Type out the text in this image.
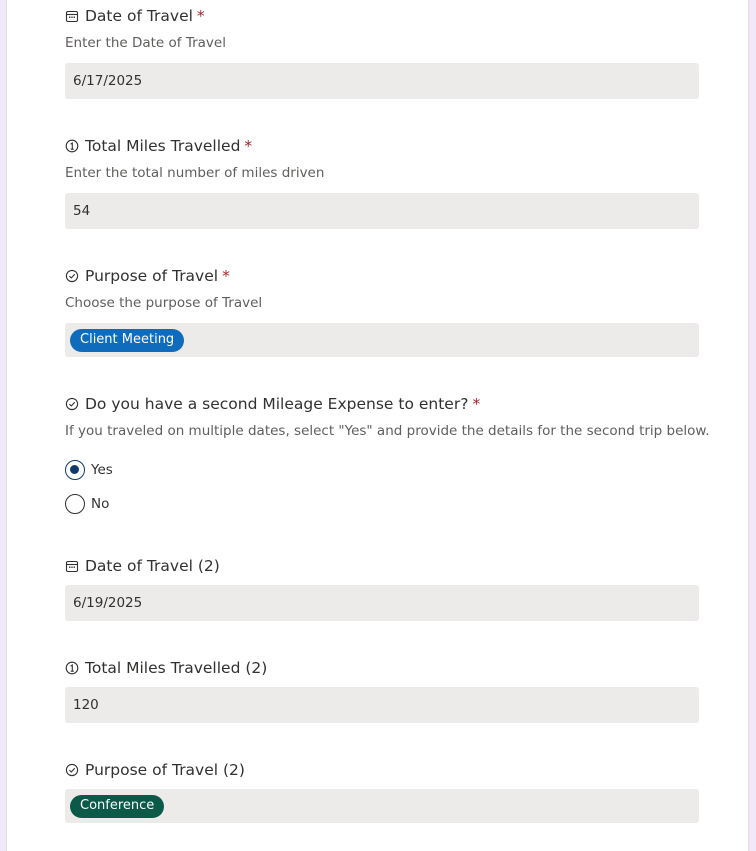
Date of Travel *
Enter the Date of Travel
6/17/2025
Total Miles Travelled *
Enter the total number of miles driven
54
Purpose of Travel *
Choose the purpose of Travel
Client Meeting
Do you have a second Mileage Expense to enter? *
If you traveled on multiple dates, select "Yes" and provide the details for the second trip below.
Yes
No
Date of Travel (2)
6/19/2025
Total Miles Travelled (2)
120
Purpose of Travel (2)
Conference
